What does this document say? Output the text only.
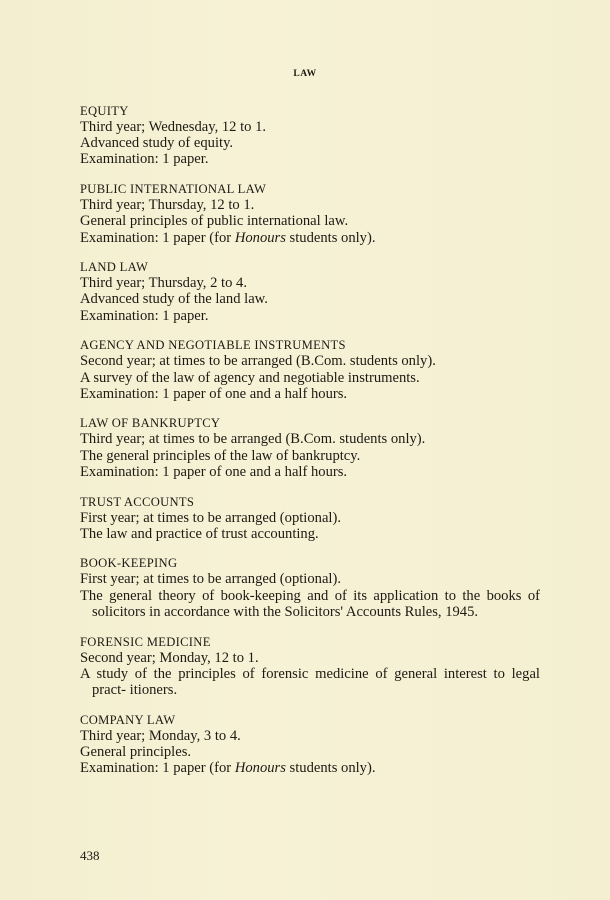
LAW
EQUITY
Third year; Wednesday, 12 to 1.
Advanced study of equity.
Examination: 1 paper.
PUBLIC INTERNATIONAL LAW
Third year; Thursday, 12 to 1.
General principles of public international law.
Examination: 1 paper (for Honours students only).
LAND LAW
Third year; Thursday, 2 to 4.
Advanced study of the land law.
Examination: 1 paper.
AGENCY AND NEGOTIABLE INSTRUMENTS
Second year; at times to be arranged (B.Com. students only).
A survey of the law of agency and negotiable instruments.
Examination: 1 paper of one and a half hours.
LAW OF BANKRUPTCY
Third year; at times to be arranged (B.Com. students only).
The general principles of the law of bankruptcy.
Examination: 1 paper of one and a half hours.
TRUST ACCOUNTS
First year; at times to be arranged (optional).
The law and practice of trust accounting.
BOOK-KEEPING
First year; at times to be arranged (optional).
The general theory of book-keeping and of its application to the books of solicitors in accordance with the Solicitors' Accounts Rules, 1945.
FORENSIC MEDICINE
Second year; Monday, 12 to 1.
A study of the principles of forensic medicine of general interest to legal pract- itioners.
COMPANY LAW
Third year; Monday, 3 to 4.
General principles.
Examination: 1 paper (for Honours students only).
438
